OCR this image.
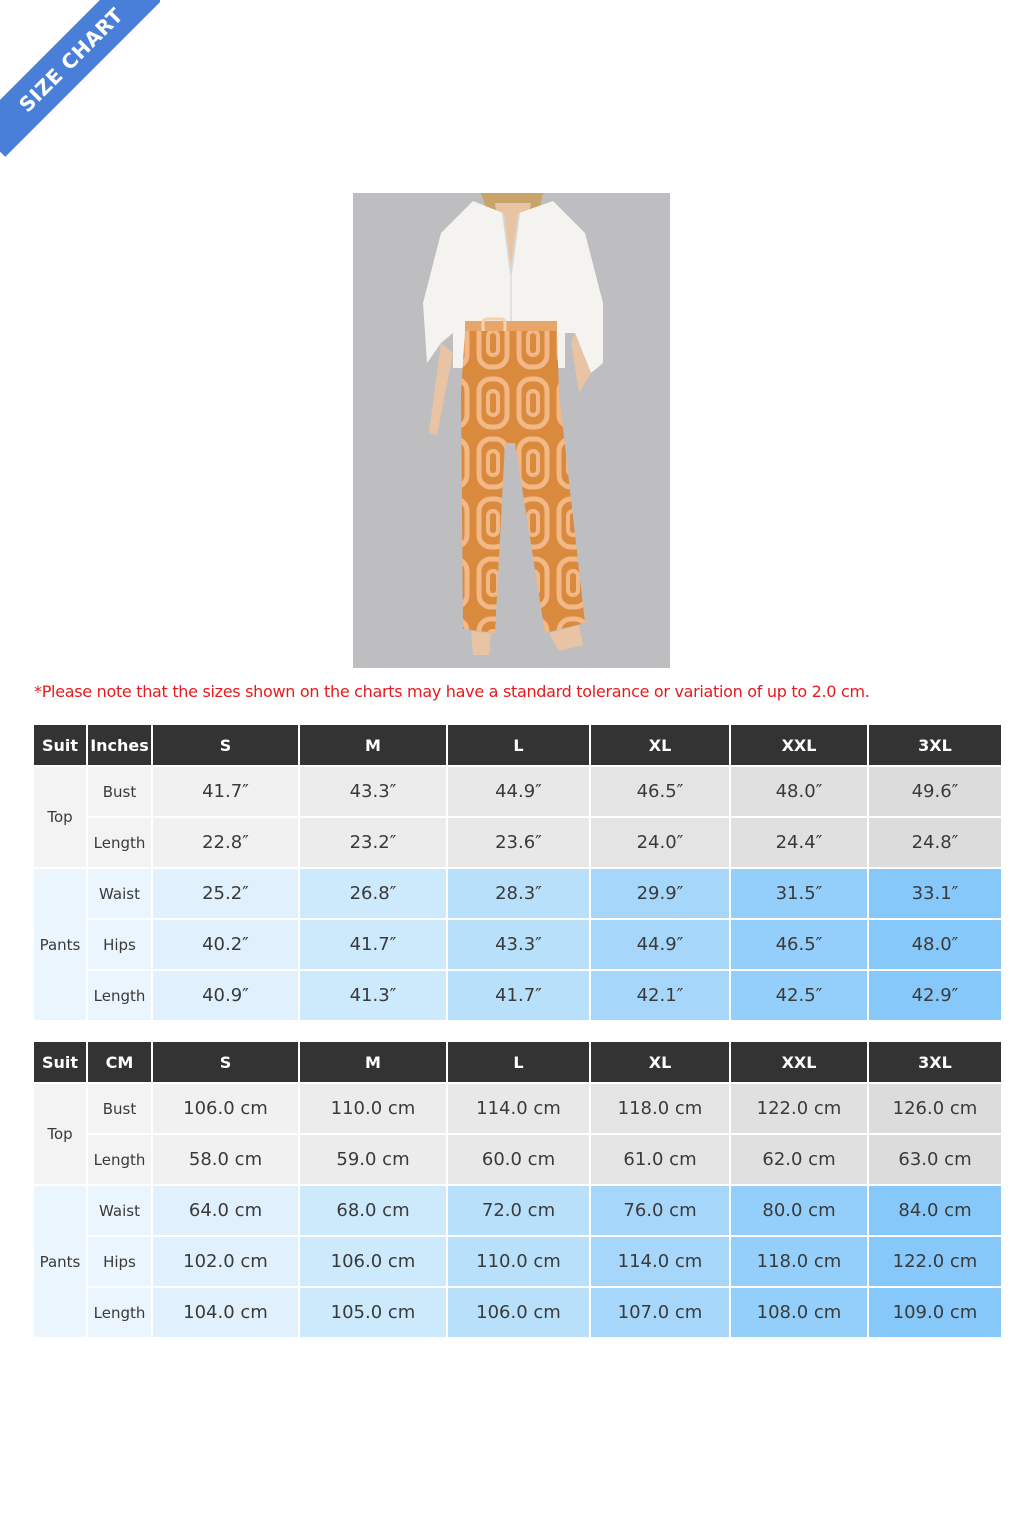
SIZE CHART
*Please note that the sizes shown on the charts may have a standard tolerance or variation of up to 2.0 cm.
Suit	Inches	S	M	L	XL	XXL	3XL
Top	Bust	41.7″	43.3″	44.9″	46.5″	48.0″	49.6″
	Length	22.8″	23.2″	23.6″	24.0″	24.4″	24.8″
Pants	Waist	25.2″	26.8″	28.3″	29.9″	31.5″	33.1″
	Hips	40.2″	41.7″	43.3″	44.9″	46.5″	48.0″
	Length	40.9″	41.3″	41.7″	42.1″	42.5″	42.9″
Suit	CM	S	M	L	XL	XXL	3XL
Top	Bust	106.0 cm	110.0 cm	114.0 cm	118.0 cm	122.0 cm	126.0 cm
	Length	58.0 cm	59.0 cm	60.0 cm	61.0 cm	62.0 cm	63.0 cm
Pants	Waist	64.0 cm	68.0 cm	72.0 cm	76.0 cm	80.0 cm	84.0 cm
	Hips	102.0 cm	106.0 cm	110.0 cm	114.0 cm	118.0 cm	122.0 cm
	Length	104.0 cm	105.0 cm	106.0 cm	107.0 cm	108.0 cm	109.0 cm
